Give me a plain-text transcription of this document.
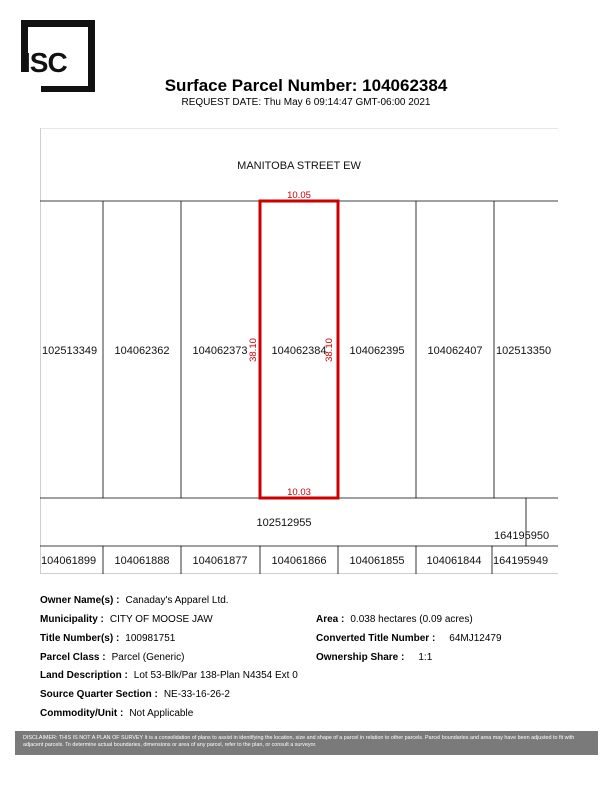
ISC
Surface Parcel Number: 104062384
REQUEST DATE: Thu May 6 09:14:47 GMT-06:00 2021
MANITOBA STREET EW
10.05
10.03
38.10	38.10
102513349 104062362 104062373 104062384 104062395 104062407 102513350
102512955
164195950
104061899 104061888 104061877 104061866 104061855 104061844 164195949
Owner Name(s) : Canaday's Apparel Ltd.
Municipality : CITY OF MOOSE JAW
Title Number(s) : 100981751
Parcel Class : Parcel (Generic)
Land Description : Lot 53-Blk/Par 138-Plan N4354 Ext 0
Source Quarter Section : NE-33-16-26-2
Commodity/Unit : Not Applicable
Area : 0.038 hectares (0.09 acres)
Converted Title Number : 64MJ12479
Ownership Share : 1:1
DISCLAIMER: THIS IS NOT A PLAN OF SURVEY It is a consolidation of plans to assist in identifying the location, size and shape of a parcel in relation to other parcels. Parcel boundaries and area may have been adjusted to fit with adjacent parcels. To determine actual boundaries, dimensions or area of any parcel, refer to the plan, or consult a surveyor.
